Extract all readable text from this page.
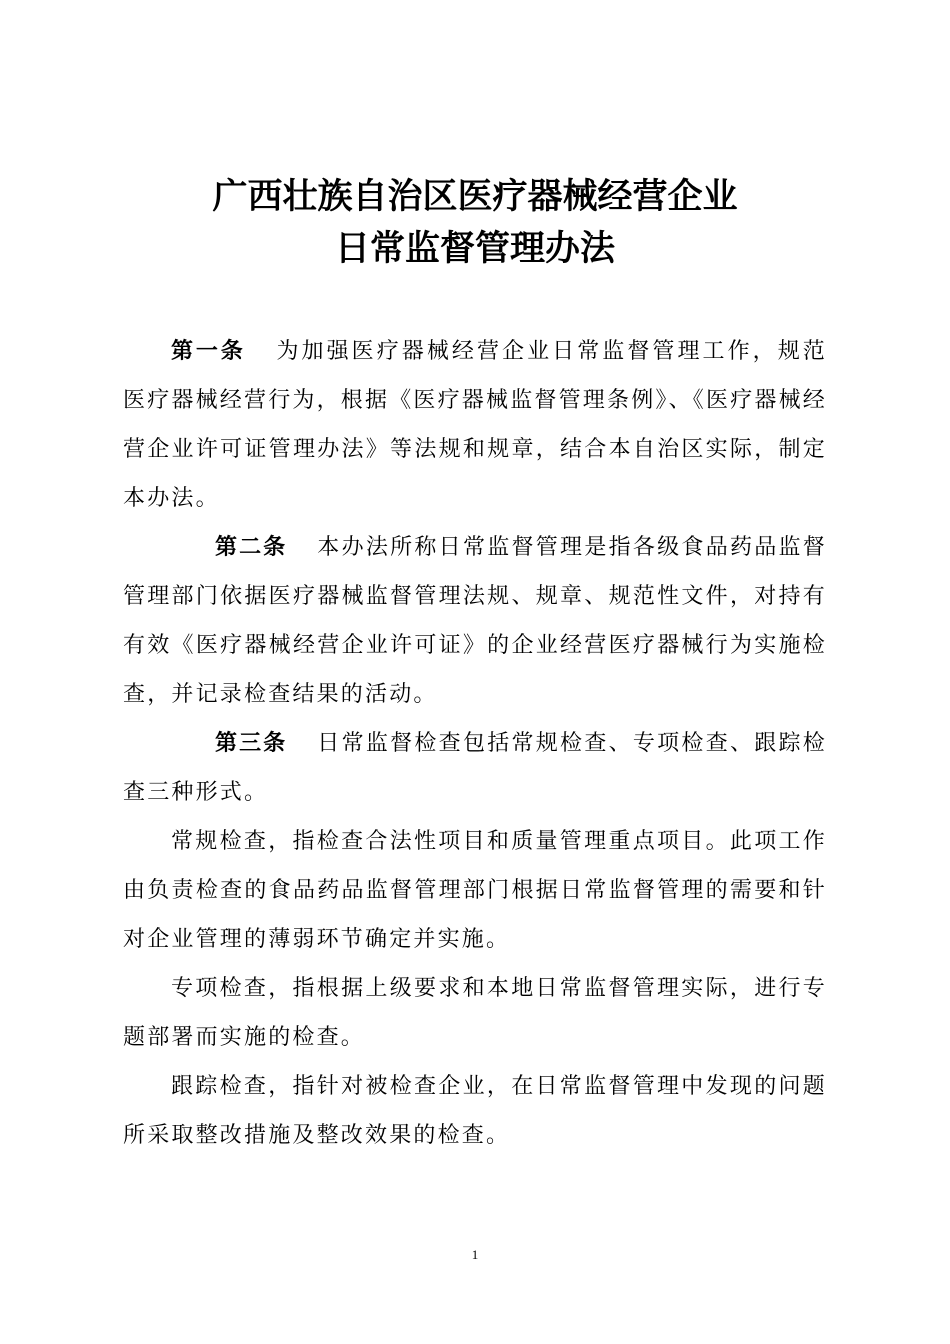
广西壮族自治区医疗器械经营企业
日常监督管理办法

第一条 为加强医疗器械经营企业日常监督管理工作，规范医疗器械经营行为，根据《医疗器械监督管理条例》、《医疗器械经营企业许可证管理办法》等法规和规章，结合本自治区实际，制定本办法。

第二条 本办法所称日常监督管理是指各级食品药品监督管理部门依据医疗器械监督管理法规、规章、规范性文件，对持有有效《医疗器械经营企业许可证》的企业经营医疗器械行为实施检查，并记录检查结果的活动。

第三条 日常监督检查包括常规检查、专项检查、跟踪检查三种形式。

常规检查，指检查合法性项目和质量管理重点项目。此项工作由负责检查的食品药品监督管理部门根据日常监督管理的需要和针对企业管理的薄弱环节确定并实施。

专项检查，指根据上级要求和本地日常监督管理实际，进行专题部署而实施的检查。

跟踪检查，指针对被检查企业，在日常监督管理中发现的问题所采取整改措施及整改效果的检查。

1
